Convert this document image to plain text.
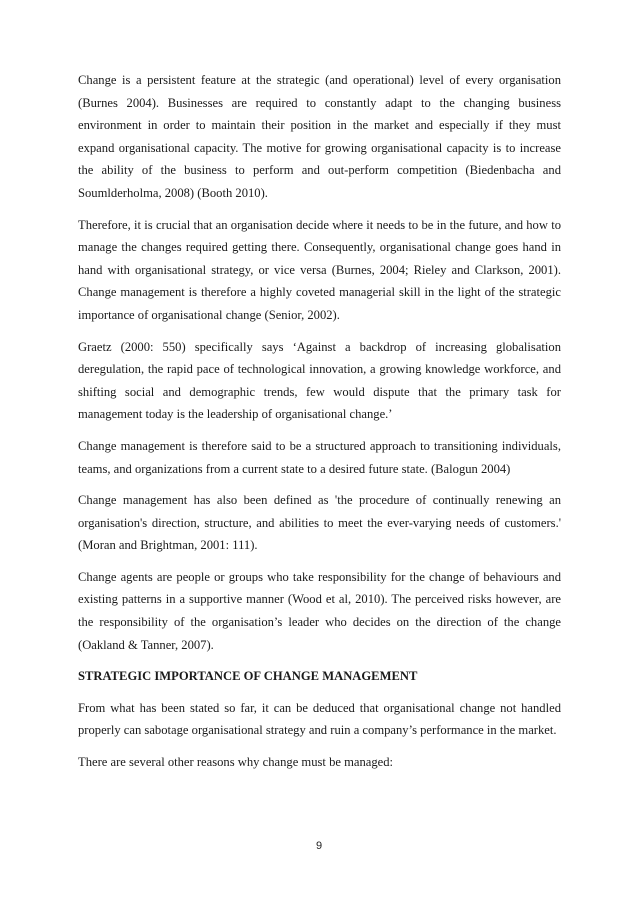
Change is a persistent feature at the strategic (and operational) level of every organisation (Burnes 2004). Businesses are required to constantly adapt to the changing business environment in order to maintain their position in the market and especially if they must expand organisational capacity. The motive for growing organisational capacity is to increase the ability of the business to perform and out-perform competition (Biedenbacha and Soumlderholma, 2008) (Booth 2010).

Therefore, it is crucial that an organisation decide where it needs to be in the future, and how to manage the changes required getting there. Consequently, organisational change goes hand in hand with organisational strategy, or vice versa (Burnes, 2004; Rieley and Clarkson, 2001). Change management is therefore a highly coveted managerial skill in the light of the strategic importance of organisational change (Senior, 2002).

Graetz (2000: 550) specifically says ‘Against a backdrop of increasing globalisation deregulation, the rapid pace of technological innovation, a growing knowledge workforce, and shifting social and demographic trends, few would dispute that the primary task for management today is the leadership of organisational change.’

Change management is therefore said to be a structured approach to transitioning individuals, teams, and organizations from a current state to a desired future state. (Balogun 2004)

Change management has also been defined as 'the procedure of continually renewing an organisation's direction, structure, and abilities to meet the ever-varying needs of customers.' (Moran and Brightman, 2001: 111).

Change agents are people or groups who take responsibility for the change of behaviours and existing patterns in a supportive manner (Wood et al, 2010). The perceived risks however, are the responsibility of the organisation’s leader who decides on the direction of the change (Oakland & Tanner, 2007).

STRATEGIC IMPORTANCE OF CHANGE MANAGEMENT

From what has been stated so far, it can be deduced that organisational change not handled properly can sabotage organisational strategy and ruin a company’s performance in the market.

There are several other reasons why change must be managed:

9
